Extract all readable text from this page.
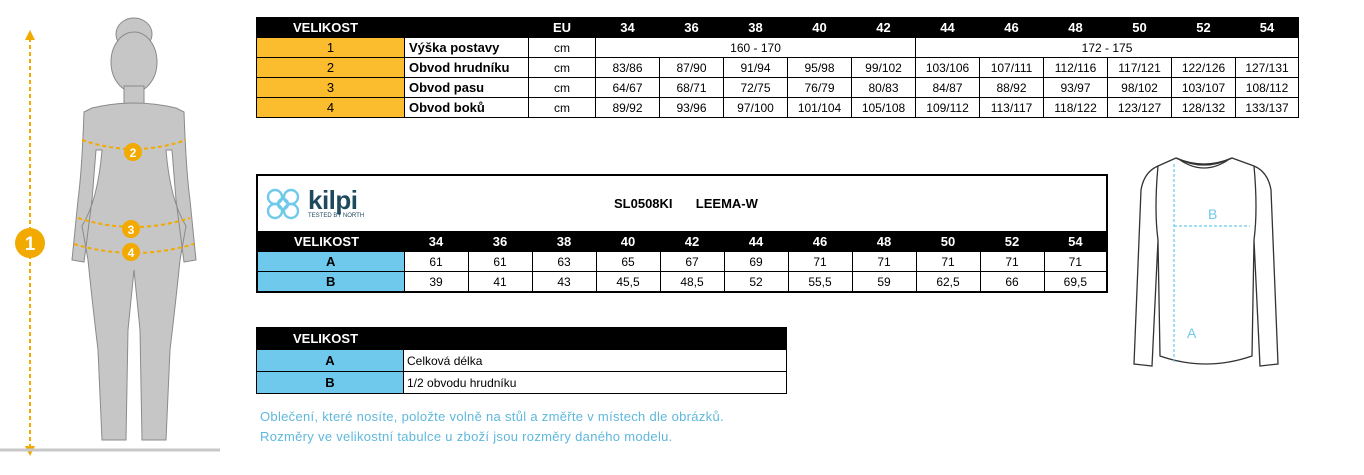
1
2
3
4
VELIKOST		EU	34	36	38	40	42	44	46	48	50	52	54
1	Výška postavy	cm	160 - 170					172 - 175					
2	Obvod hrudníku	cm	83/86	87/90	91/94	95/98	99/102	103/106	107/111	112/116	117/121	122/126	127/131
3	Obvod pasu	cm	64/67	68/71	72/75	76/79	80/83	84/87	88/92	93/97	98/102	103/107	108/112
4	Obvod boků	cm	89/92	93/96	97/100	101/104	105/108	109/112	113/117	118/122	123/127	128/132	133/137
kilpi
TESTED BY NORTH	SL0508KI LEEMA-W										
VELIKOST	34	36	38	40	42	44	46	48	50	52	54
A	61	61	63	65	67	69	71	71	71	71	71
B	39	41	43	45,5	48,5	52	55,5	59	62,5	66	69,5
VELIKOST	
A	Celková délka
B	1/2 obvodu hrudníku
Oblečení, které nosíte, položte volně na stůl a změřte v místech dle obrázků.
Rozměry ve velikostní tabulce u zboží jsou rozměry daného modelu.
B
A
